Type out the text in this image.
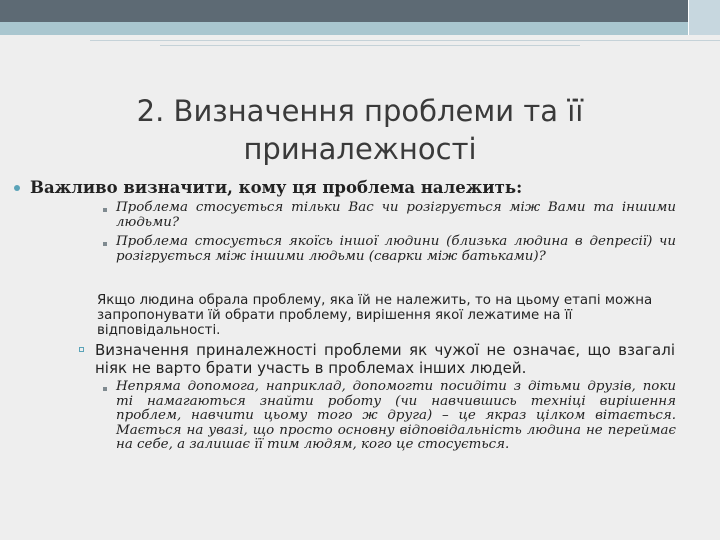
2. Визначення проблеми та її приналежності
Важливо визначити, кому ця проблема належить:
Проблема стосується тільки Вас чи розігрується між Вами та іншими людьми?
Проблема стосується якоїсь іншої людини (близька людина в депресії) чи розігрується між іншими людьми (сварки між батьками)?
Якщо людина обрала проблему, яка їй не належить, то на цьому етапі можна запропонувати їй обрати проблему, вирішення якої лежатиме на її відповідальності.
Визначення приналежності проблеми як чужої не означає, що взагалі ніяк не варто брати участь в проблемах інших людей.
Непряма допомога, наприклад, допомогти посидіти з дітьми друзів, поки ті намагаються знайти роботу (чи навчившись техніці вирішення проблем, навчити цьому того ж друга) – це якраз цілком вітається. Мається на увазі, що просто основну відповідальність людина не переймає на себе, а залишає її тим людям, кого це стосується.
